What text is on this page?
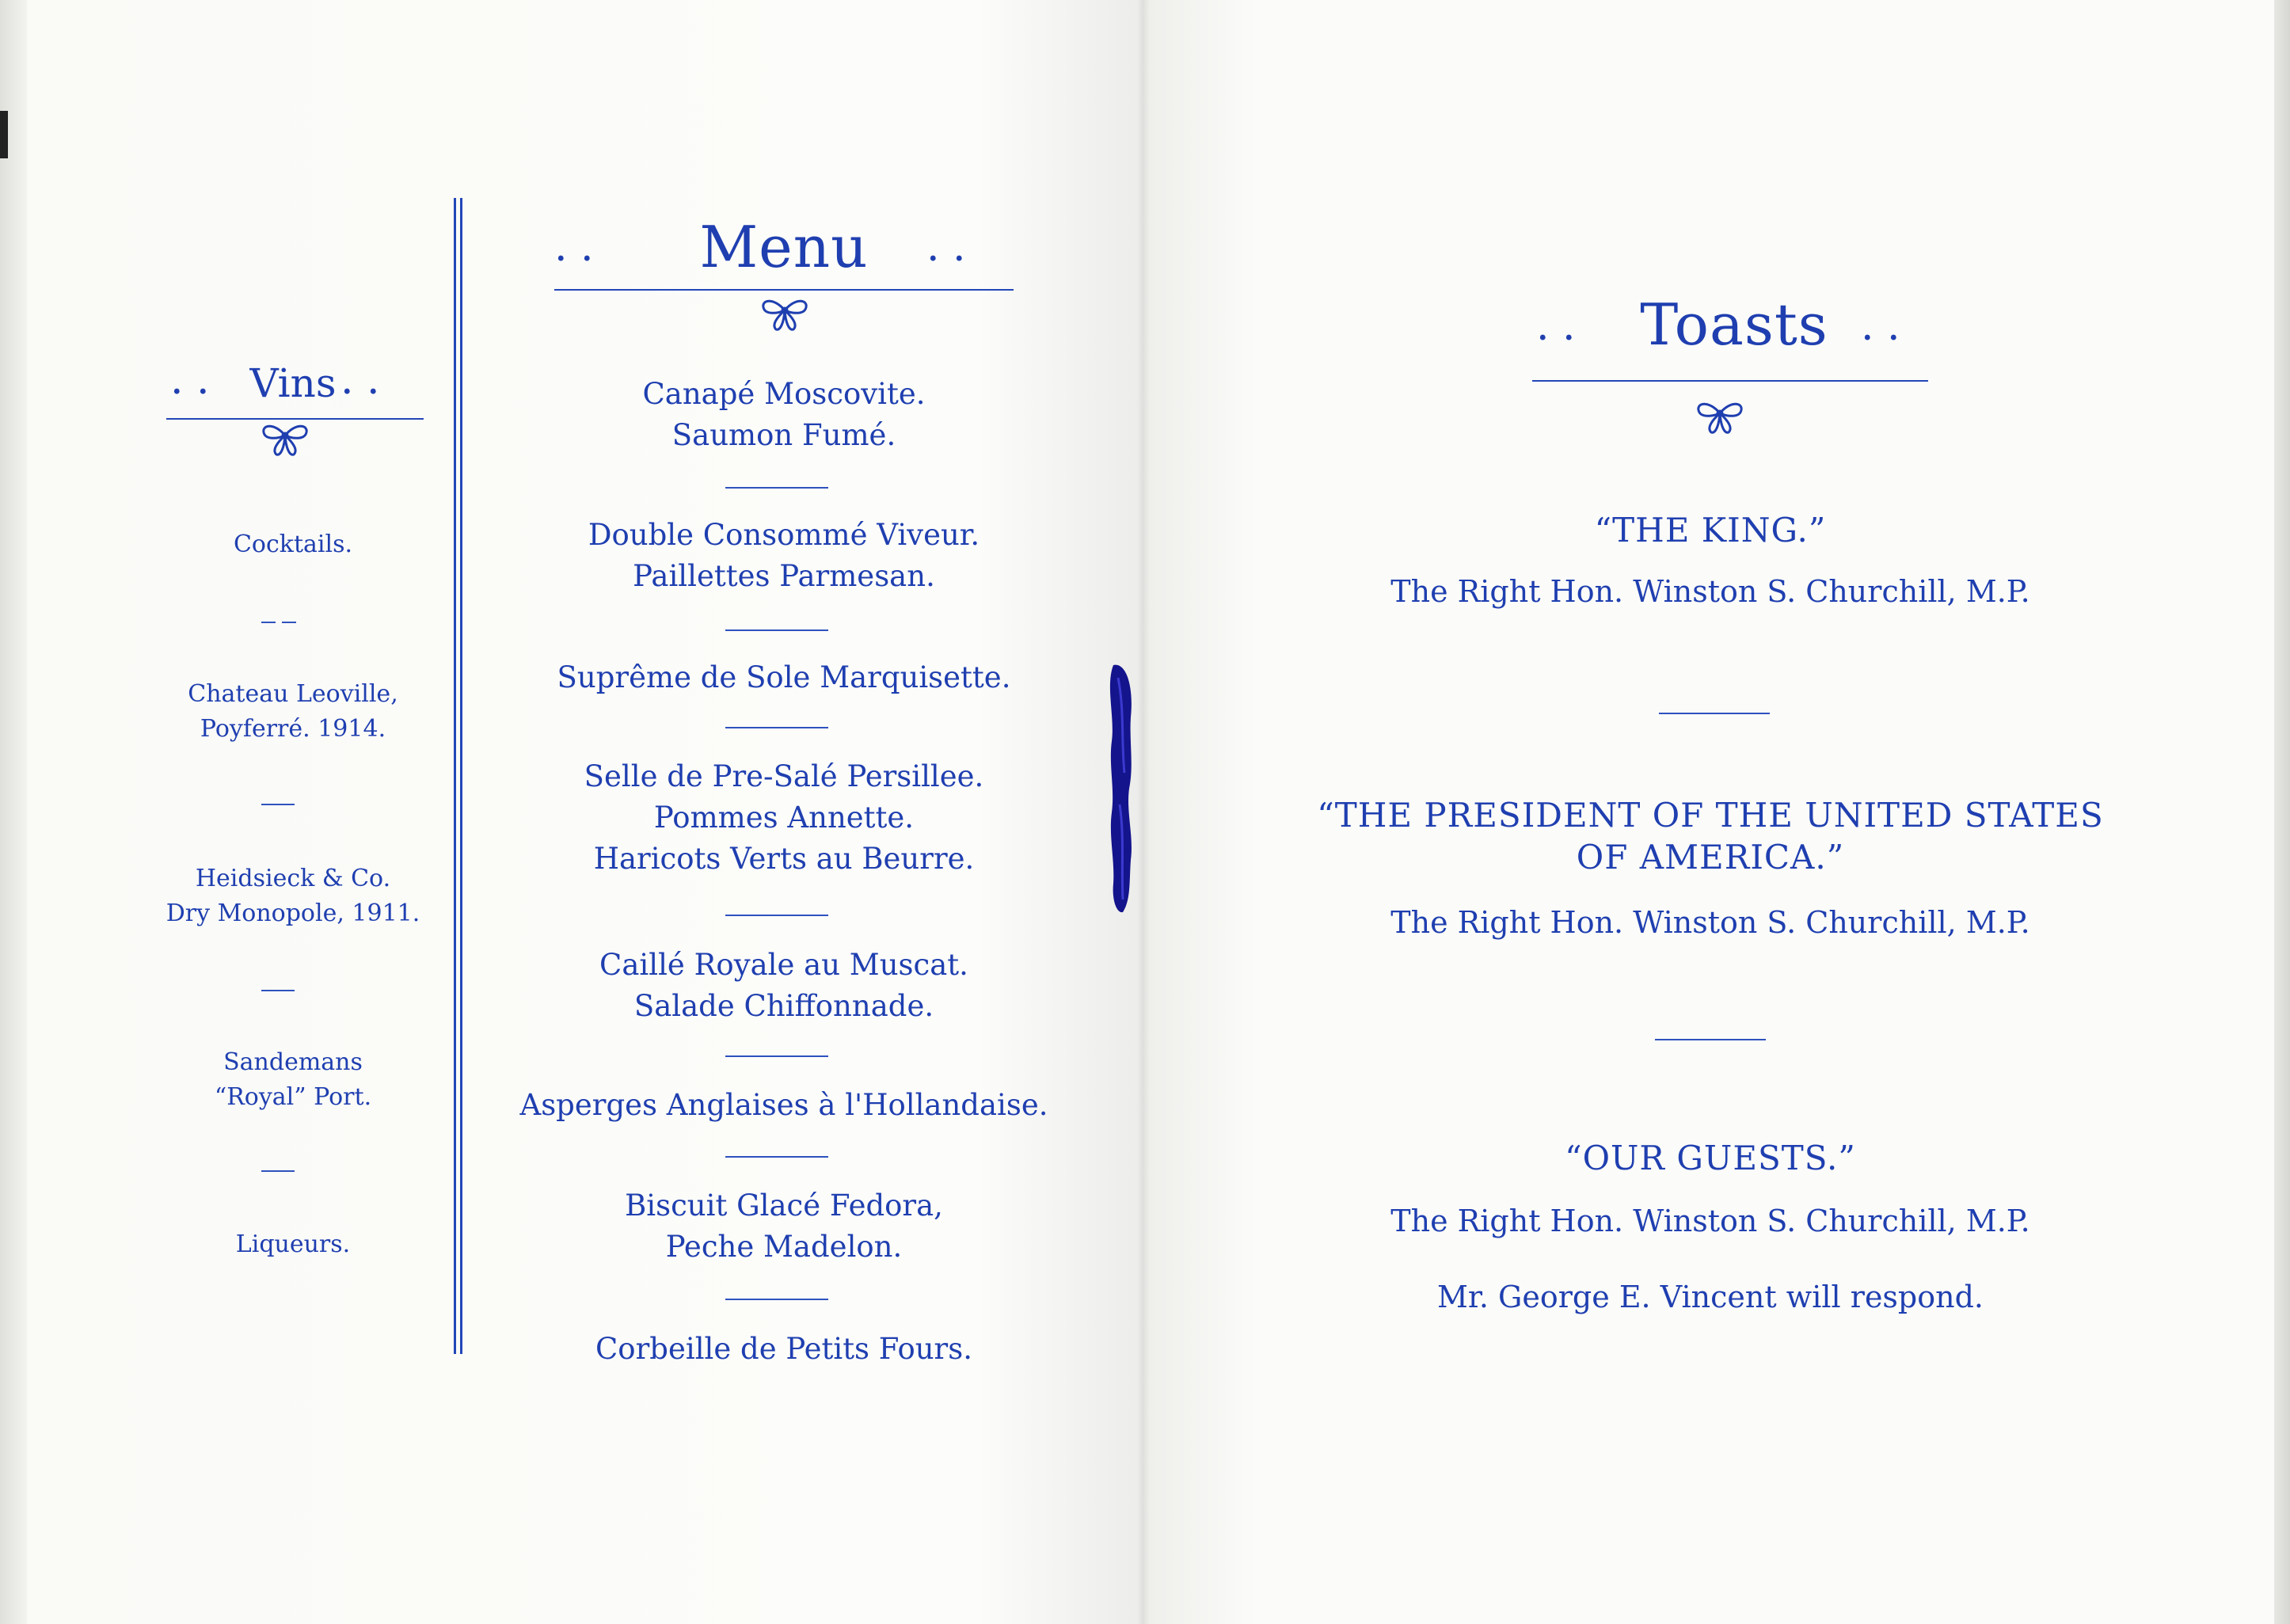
. .	Vins . .
Cocktails.
Chateau Leoville,
Poyferré. 1914.
Heidsieck & Co.
Dry Monopole, 1911.
Sandemans
“Royal” Port.
Liqueurs.
. .	Menu	. .
Canapé Moscovite.
Saumon Fumé.
Double Consommé Viveur.
Paillettes Parmesan.
Suprême de Sole Marquisette.
Selle de Pre-Salé Persillee.
Pommes Annette.
Haricots Verts au Beurre.
Caillé Royale au Muscat.
Salade Chiffonnade.
Asperges Anglaises à l'Hollandaise.
Biscuit Glacé Fedora,
Peche Madelon.
Corbeille de Petits Fours.
. . Toasts . .
“THE KING.”
The Right Hon. Winston S. Churchill, M.P.
“THE PRESIDENT OF THE UNITED STATES
OF AMERICA.”
The Right Hon. Winston S. Churchill, M.P.
“OUR GUESTS.”
The Right Hon. Winston S. Churchill, M.P.
Mr. George E. Vincent will respond.
